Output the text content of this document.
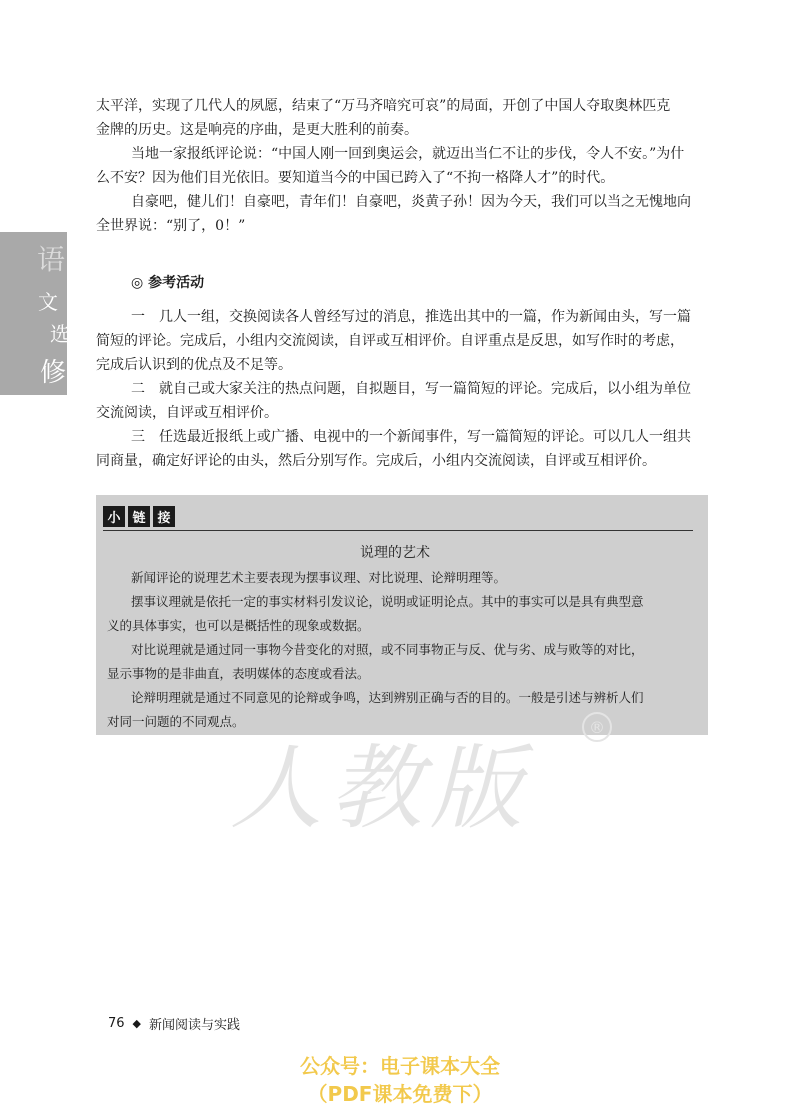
太平洋，实现了几代人的夙愿，结束了“万马齐喑究可哀”的局面，开创了中国人夺取奥林匹克
金牌的历史。这是响亮的序曲，是更大胜利的前奏。
当地一家报纸评论说：“中国人刚一回到奥运会，就迈出当仁不让的步伐，令人不安。”为什
么不安？因为他们目光依旧。要知道当今的中国已跨入了“不拘一格降人才”的时代。
自豪吧，健儿们！自豪吧，青年们！自豪吧，炎黄子孙！因为今天，我们可以当之无愧地向
全世界说：“别了，0！”
语
文
选
修
◎ 参考活动
一　几人一组，交换阅读各人曾经写过的消息，推选出其中的一篇，作为新闻由头，写一篇
简短的评论。完成后，小组内交流阅读，自评或互相评价。自评重点是反思，如写作时的考虑，
完成后认识到的优点及不足等。
二　就自己或大家关注的热点问题，自拟题目，写一篇简短的评论。完成后，以小组为单位
交流阅读，自评或互相评价。
三　任选最近报纸上或广播、电视中的一个新闻事件，写一篇简短的评论。可以几人一组共
同商量，确定好评论的由头，然后分别写作。完成后，小组内交流阅读，自评或互相评价。
小 链 接
说理的艺术
新闻评论的说理艺术主要表现为摆事议理、对比说理、论辩明理等。
摆事议理就是依托一定的事实材料引发议论，说明或证明论点。其中的事实可以是具有典型意
义的具体事实，也可以是概括性的现象或数据。
对比说理就是通过同一事物今昔变化的对照，或不同事物正与反、优与劣、成与败等的对比，
显示事物的是非曲直，表明媒体的态度或看法。
论辩明理就是通过不同意见的论辩或争鸣，达到辨别正确与否的目的。一般是引述与辨析人们
对同一问题的不同观点。
人教版
®
76 ◆ 新闻阅读与实践
公众号：电子课本大全
（PDF课本免费下）
